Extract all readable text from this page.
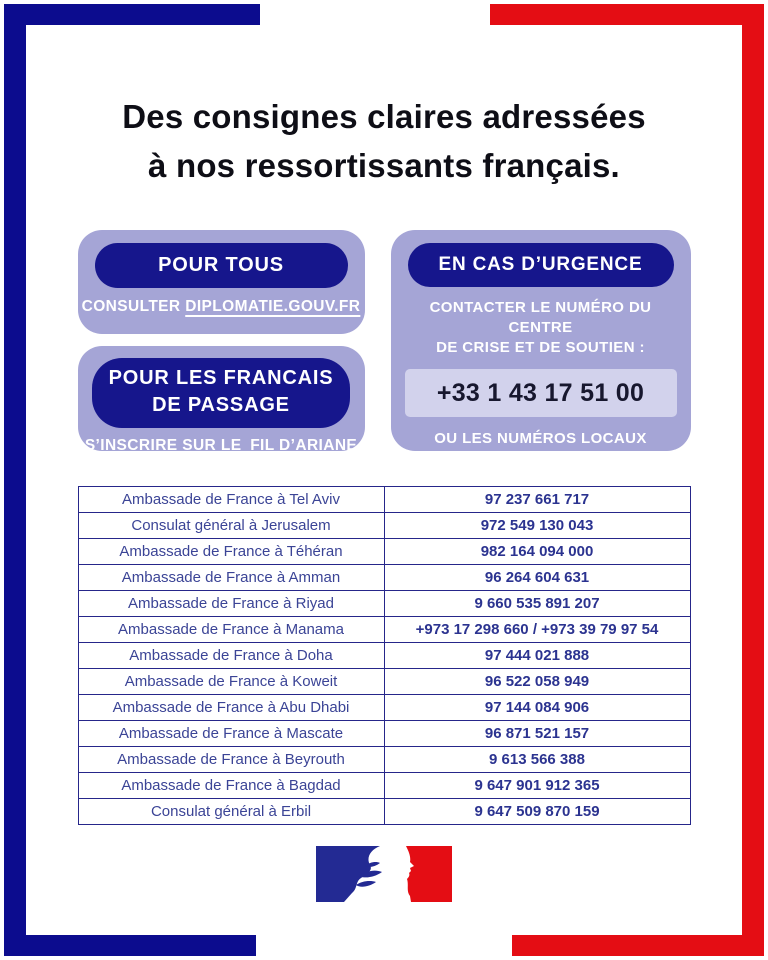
Des consignes claires adressées
à nos ressortissants français.
POUR TOUS
CONSULTER DIPLOMATIE.GOUV.FR
POUR LES FRANCAIS
DE PASSAGE
S’INSCRIRE SUR LE FIL D’ARIANE
EN CAS D’URGENCE
CONTACTER LE NUMÉRO DU CENTRE
DE CRISE ET DE SOUTIEN :
+33 1 43 17 51 00
OU LES NUMÉROS LOCAUX
CI-JOINTS
Ambassade de France à Tel Aviv	97 237 661 717
Consulat général à Jerusalem	972 549 130 043
Ambassade de France à Téhéran	982 164 094 000
Ambassade de France à Amman	96 264 604 631
Ambassade de France à Riyad	9 660 535 891 207
Ambassade de France à Manama	+973 17 298 660 / +973 39 79 97 54
Ambassade de France à Doha	97 444 021 888
Ambassade de France à Koweit	96 522 058 949
Ambassade de France à Abu Dhabi	97 144 084 906
Ambassade de France à Mascate	96 871 521 157
Ambassade de France à Beyrouth	9 613 566 388
Ambassade de France à Bagdad	9 647 901 912 365
Consulat général à Erbil	9 647 509 870 159
